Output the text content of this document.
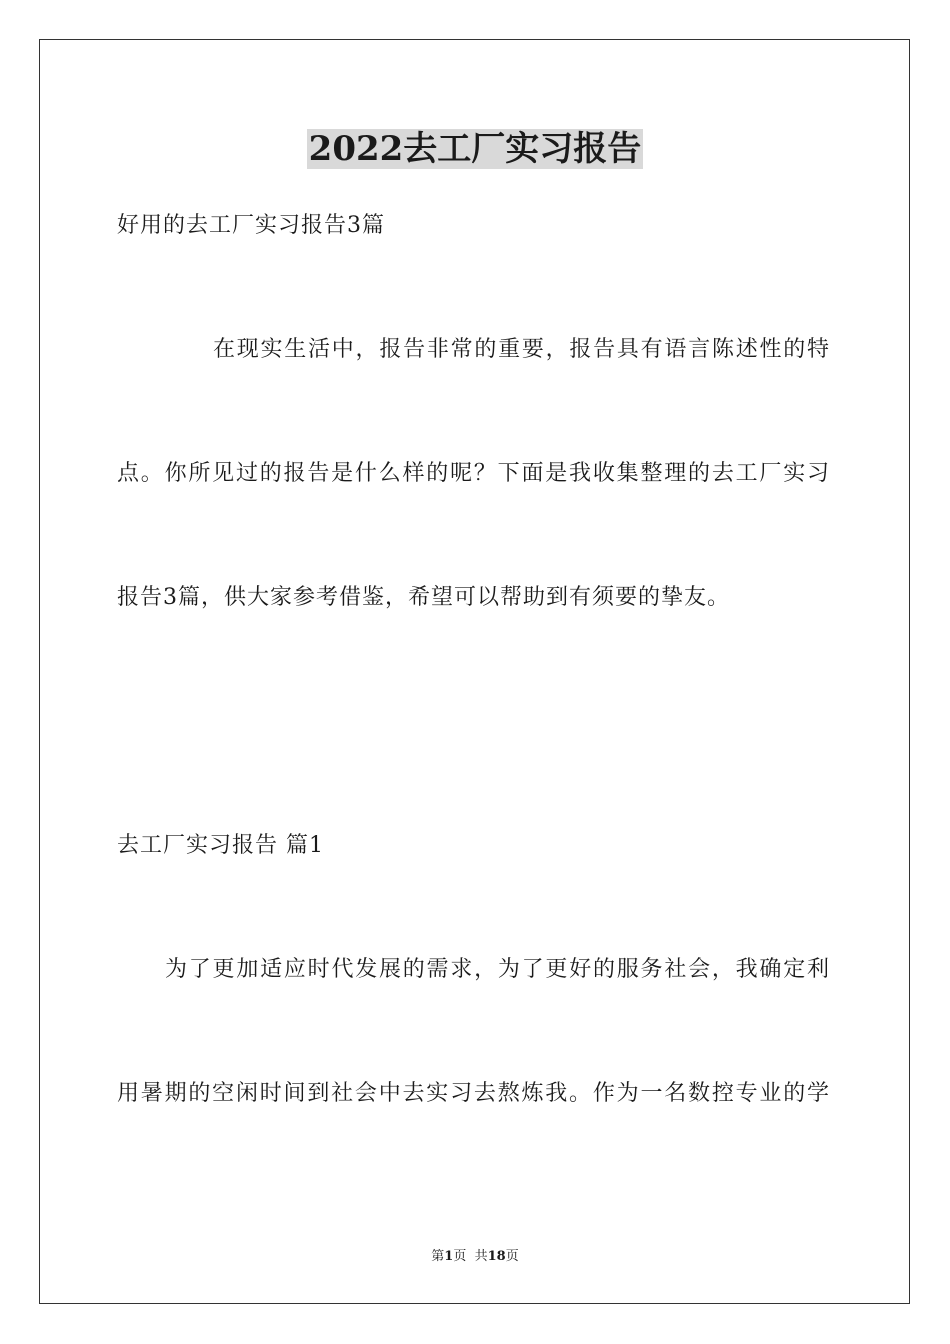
2022去工厂实习报告
好用的去工厂实习报告3篇
在现实生活中，报告非常的重要，报告具有语言陈述性的特
点。你所见过的报告是什么样的呢？下面是我收集整理的去工厂实习
报告3篇，供大家参考借鉴，希望可以帮助到有须要的挚友。
去工厂实习报告 篇1
为了更加适应时代发展的需求，为了更好的服务社会，我确定利
用暑期的空闲时间到社会中去实习去熬炼我。作为一名数控专业的学
第1页  共18页
